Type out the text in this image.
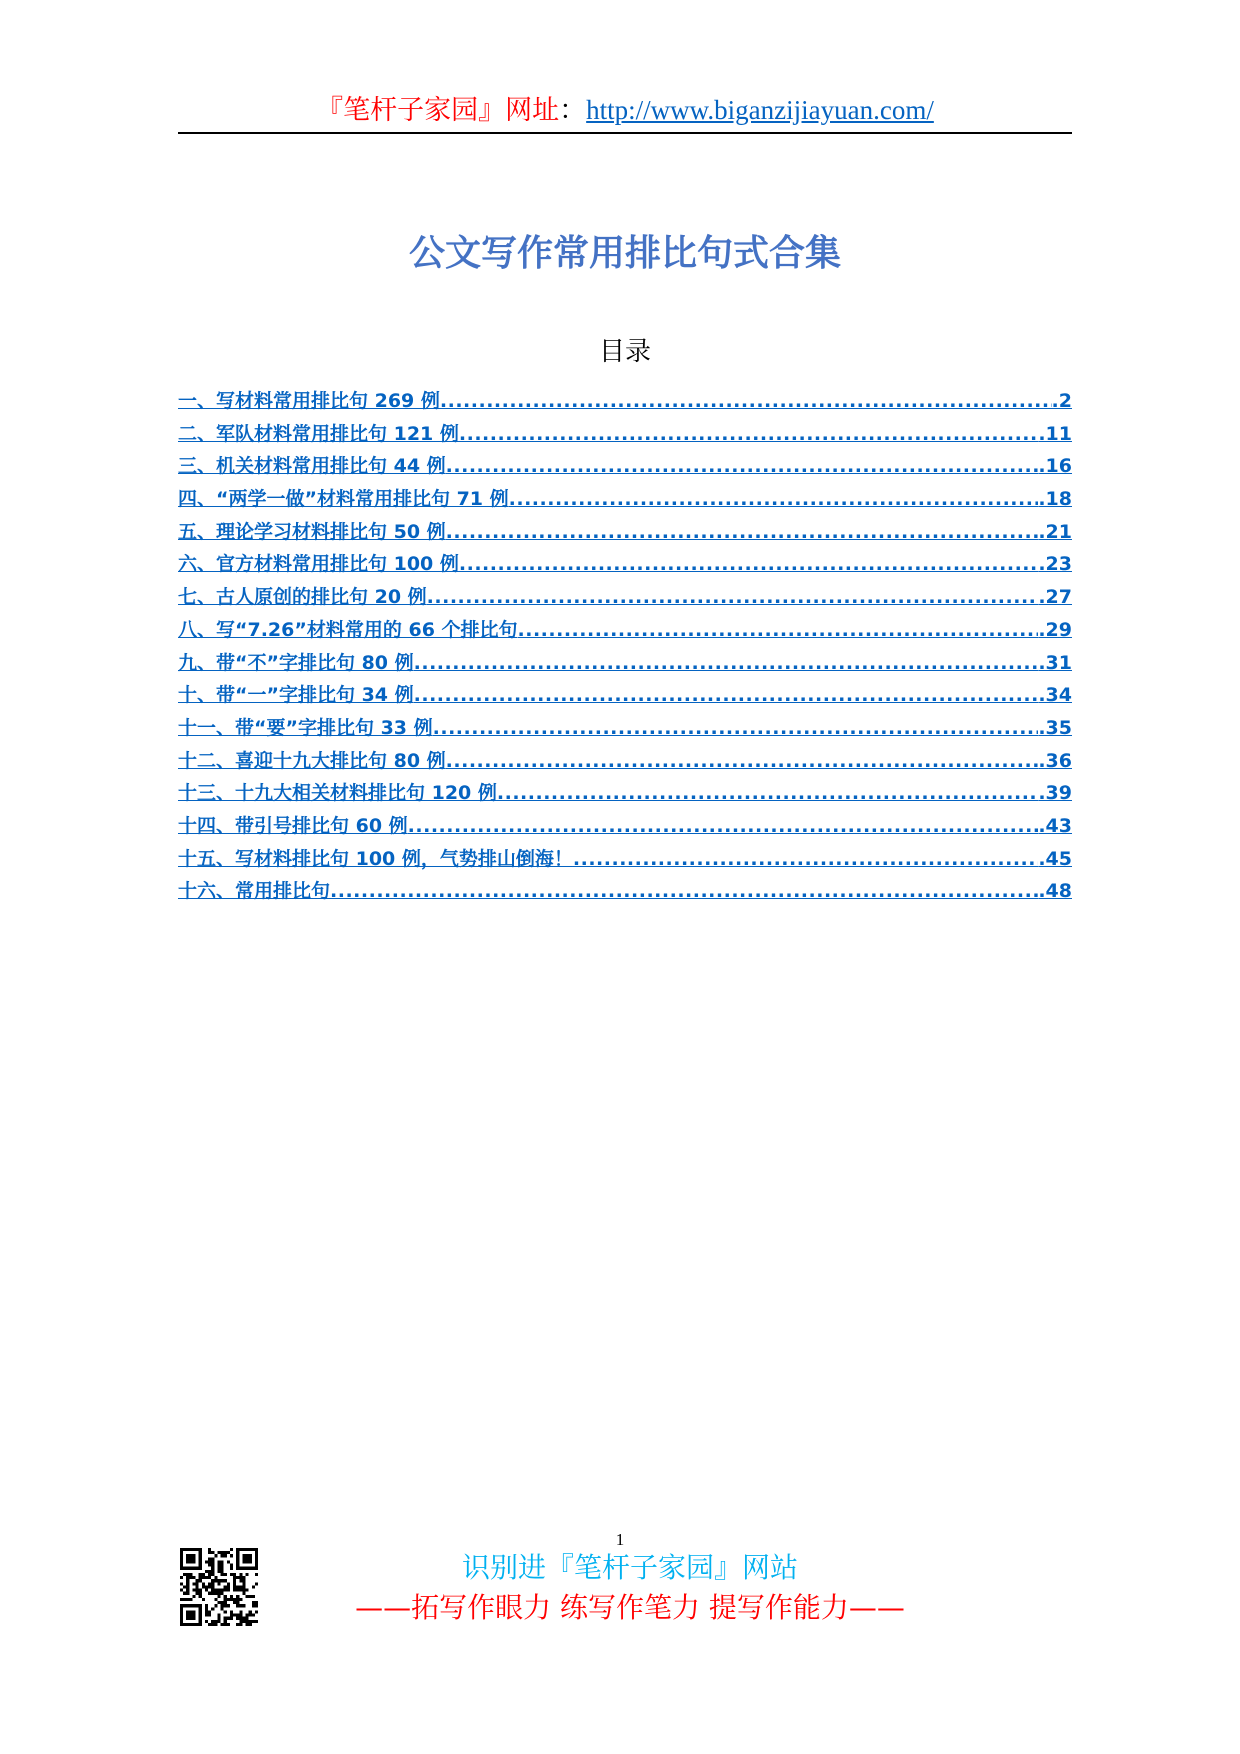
『笔杆子家园』网址：http://www.biganzijiayuan.com/
公文写作常用排比句式合集
目录
一、写材料常用排比句 269 例 .....	.2
二、军队材料常用排比句 121 例 .....	.11
三、机关材料常用排比句 44 例 .....	.16
四、“两学一做”材料常用排比句 71 例 .....	.18
五、理论学习材料排比句 50 例 .....	.21
六、官方材料常用排比句 100 例 .....	.23
七、古人原创的排比句 20 例 .....	.27
八、写“7.26”材料常用的 66 个排比句 .....	.29
九、带“不”字排比句 80 例 .....	.31
十、带“一”字排比句 34 例 .....	.34
十一、带“要”字排比句 33 例 .....	.35
十二、喜迎十九大排比句 80 例 .....	.36
十三、十九大相关材料排比句 120 例 .....	.39
十四、带引号排比句 60 例 .....	.43
十五、写材料排比句 100 例，气势排山倒海！ .....	.45
十六、常用排比句 .....	.48
1
识别进『笔杆子家园』网站
——拓写作眼力 练写作笔力 提写作能力——
